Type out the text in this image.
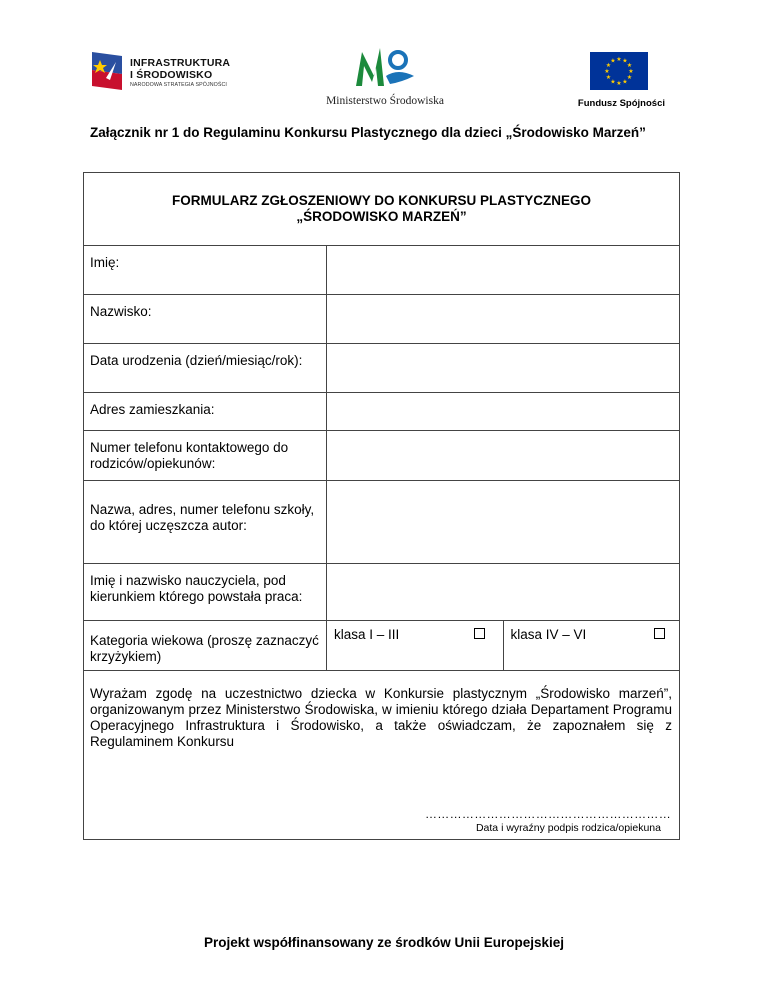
INFRASTRUKTURA
I ŚRODOWISKO
NARODOWA STRATEGIA SPÓJNOŚCI
Ministerstwo Środowiska
★ ★
★
★
★
★
★
★
★
★
★
★
Fundusz Spójności
Załącznik nr 1 do Regulaminu Konkursu Plastycznego dla dzieci „Środowisko Marzeń”
FORMULARZ ZGŁOSZENIOWY DO KONKURSU PLASTYCZNEGO
„ŚRODOWISKO MARZEŃ”
Imię:
Nazwisko:
Data urodzenia (dzień/miesiąc/rok):
Adres zamieszkania:
Numer telefonu kontaktowego do rodziców/opiekunów:
Nazwa, adres, numer telefonu szkoły, do której uczęszcza autor:
Imię i nazwisko nauczyciela, pod kierunkiem którego powstała praca:
Kategoria wiekowa (proszę zaznaczyć krzyżykiem)
klasa I – III	klasa IV – VI
Wyrażam zgodę na uczestnictwo dziecka w Konkursie plastycznym „Środowisko marzeń”, organizowanym przez Ministerstwo Środowiska, w imieniu którego działa Departament Programu Operacyjnego Infrastruktura i Środowisko, a także oświadczam, że zapoznałem się z Regulaminem Konkursu
……………………………………………………
Data i wyraźny podpis rodzica/opiekuna
Projekt współfinansowany ze środków Unii Europejskiej
